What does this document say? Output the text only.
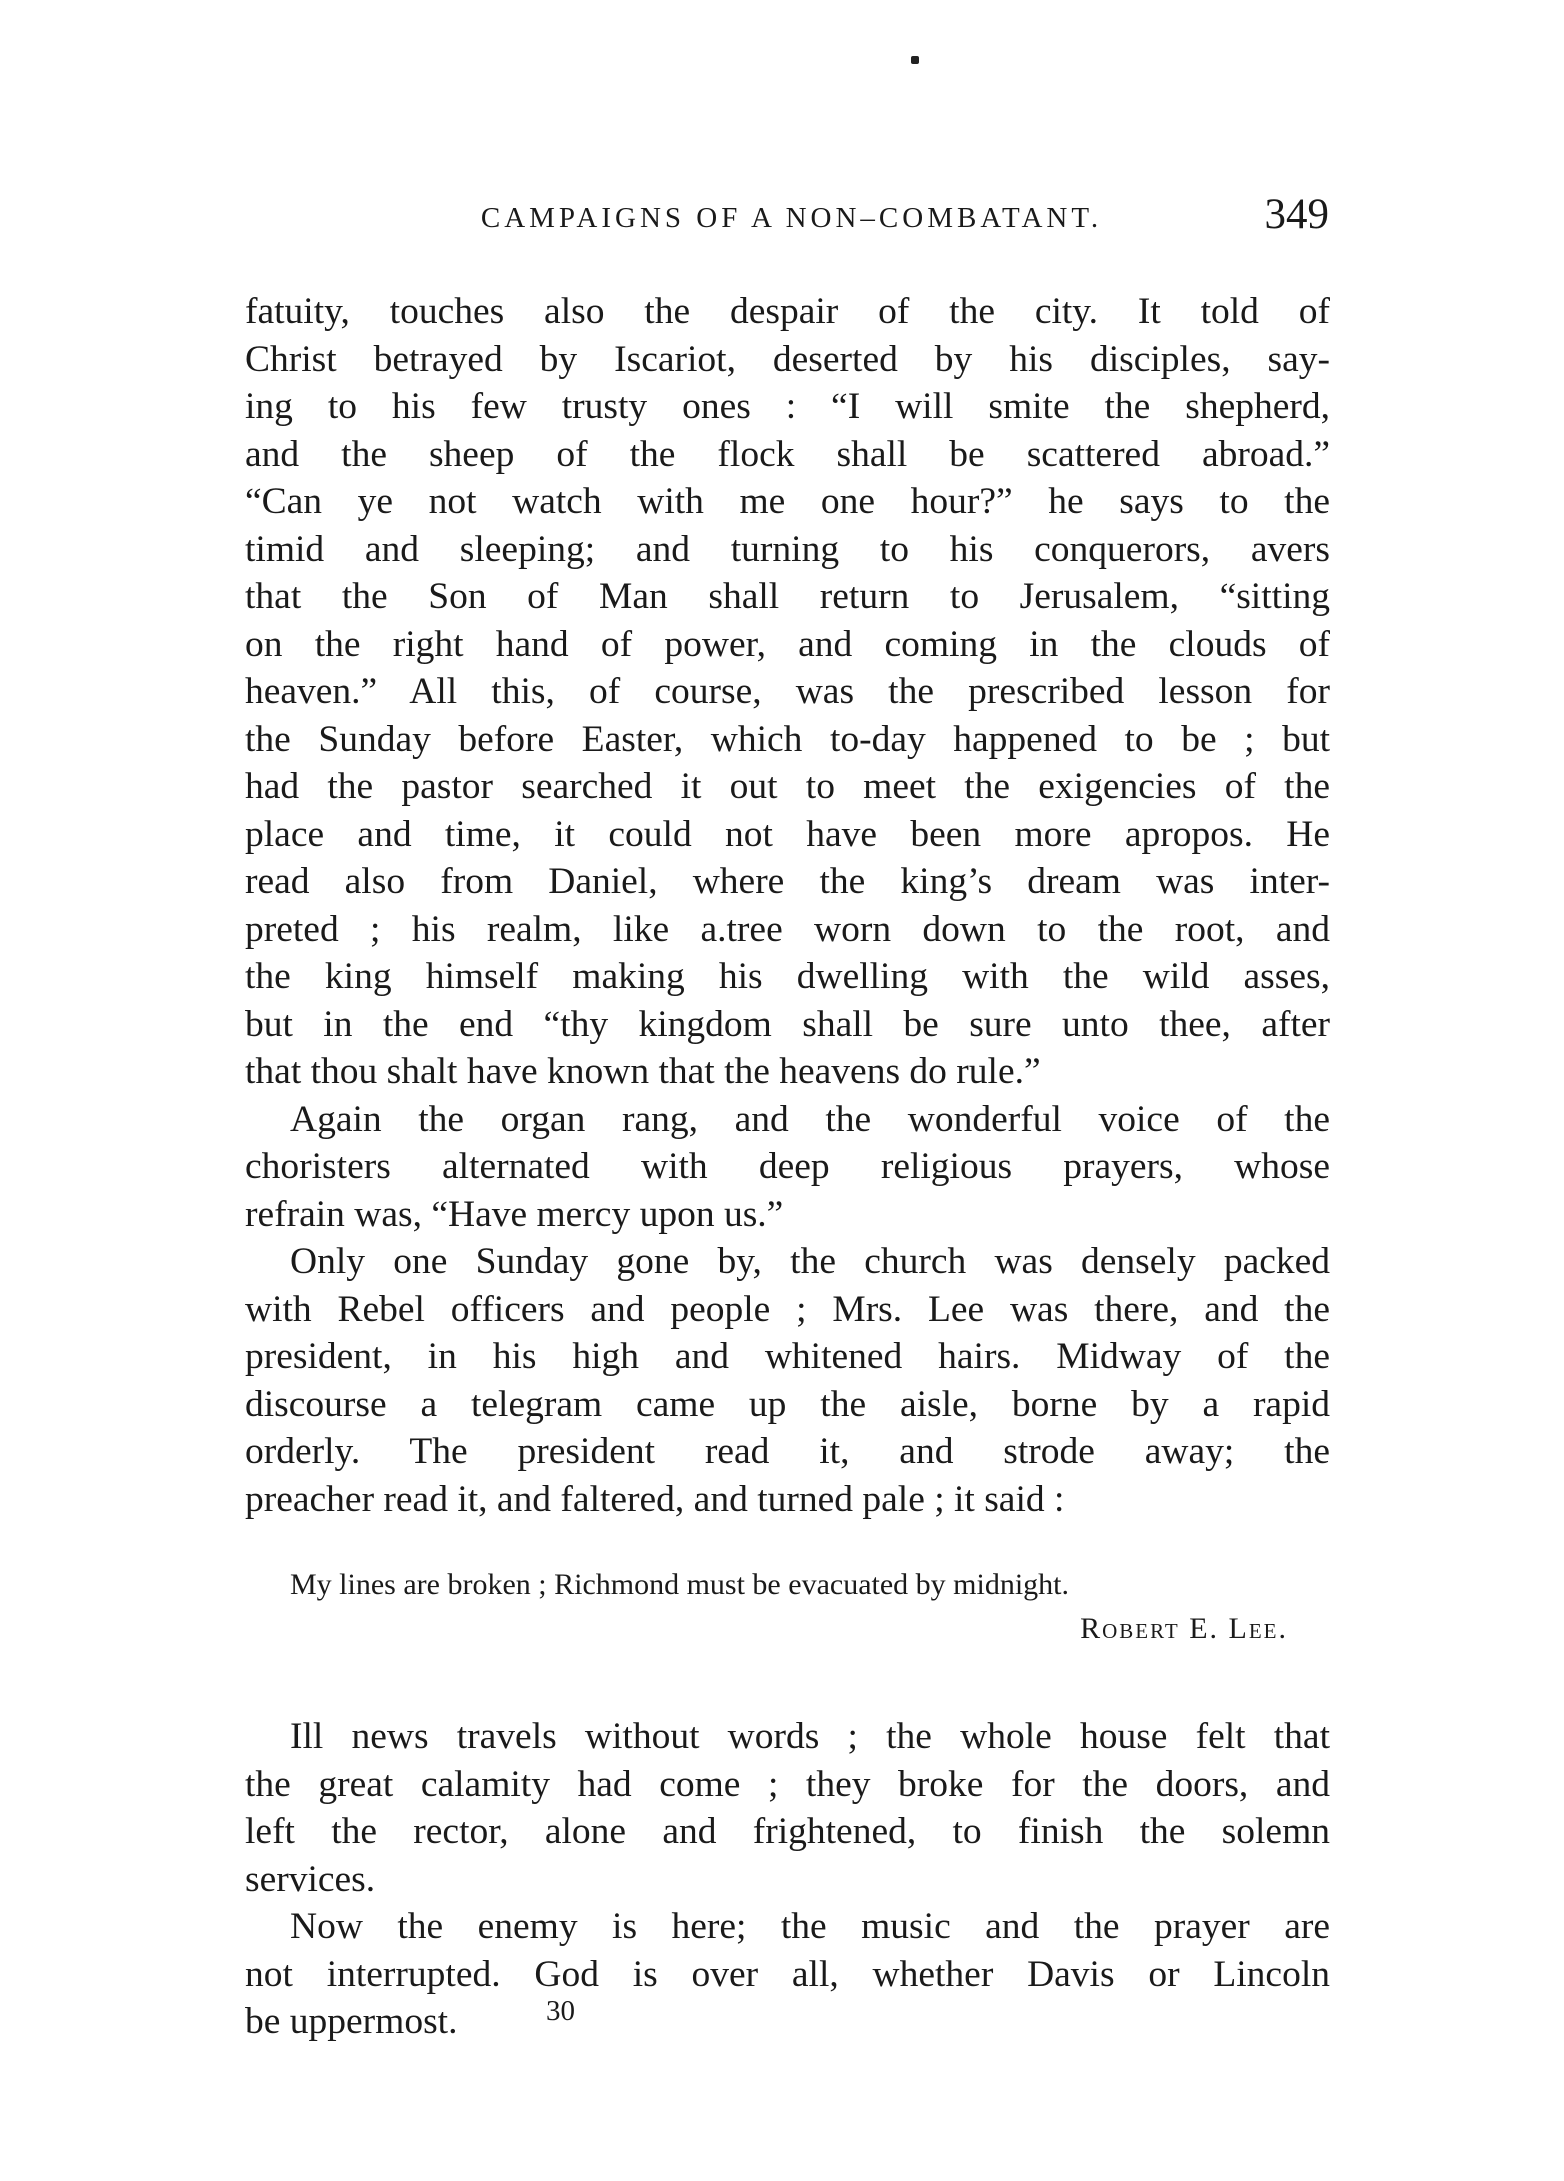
CAMPAIGNS OF A NON–COMBATANT.	349
fatuity, touches also the despair of the city. It told of
Christ betrayed by Iscariot, deserted by his disciples, say-
ing to his few trusty ones : “I will smite the shepherd,
and the sheep of the flock shall be scattered abroad.”
“Can ye not watch with me one hour?” he says to the
timid and sleeping; and turning to his conquerors, avers
that the Son of Man shall return to Jerusalem, “sitting
on the right hand of power, and coming in the clouds of
heaven.” All this, of course, was the prescribed lesson for
the Sunday before Easter, which to-day happened to be ; but
had the pastor searched it out to meet the exigencies of the
place and time, it could not have been more apropos. He
read also from Daniel, where the king’s dream was inter-
preted ; his realm, like a.tree worn down to the root, and
the king himself making his dwelling with the wild asses,
but in the end “thy kingdom shall be sure unto thee, after
that thou shalt have known that the heavens do rule.”
Again the organ rang, and the wonderful voice of the
choristers alternated with deep religious prayers, whose
refrain was, “Have mercy upon us.”
Only one Sunday gone by, the church was densely packed
with Rebel officers and people ; Mrs. Lee was there, and the
president, in his high and whitened hairs. Midway of the
discourse a telegram came up the aisle, borne by a rapid
orderly. The president read it, and strode away; the
preacher read it, and faltered, and turned pale ; it said :
My lines are broken ; Richmond must be evacuated by midnight.
Robert E. Lee.
Ill news travels without words ; the whole house felt that
the great calamity had come ; they broke for the doors, and
left the rector, alone and frightened, to finish the solemn
services.
Now the enemy is here; the music and the prayer are
not interrupted. God is over all, whether Davis or Lincoln
be uppermost.	30
